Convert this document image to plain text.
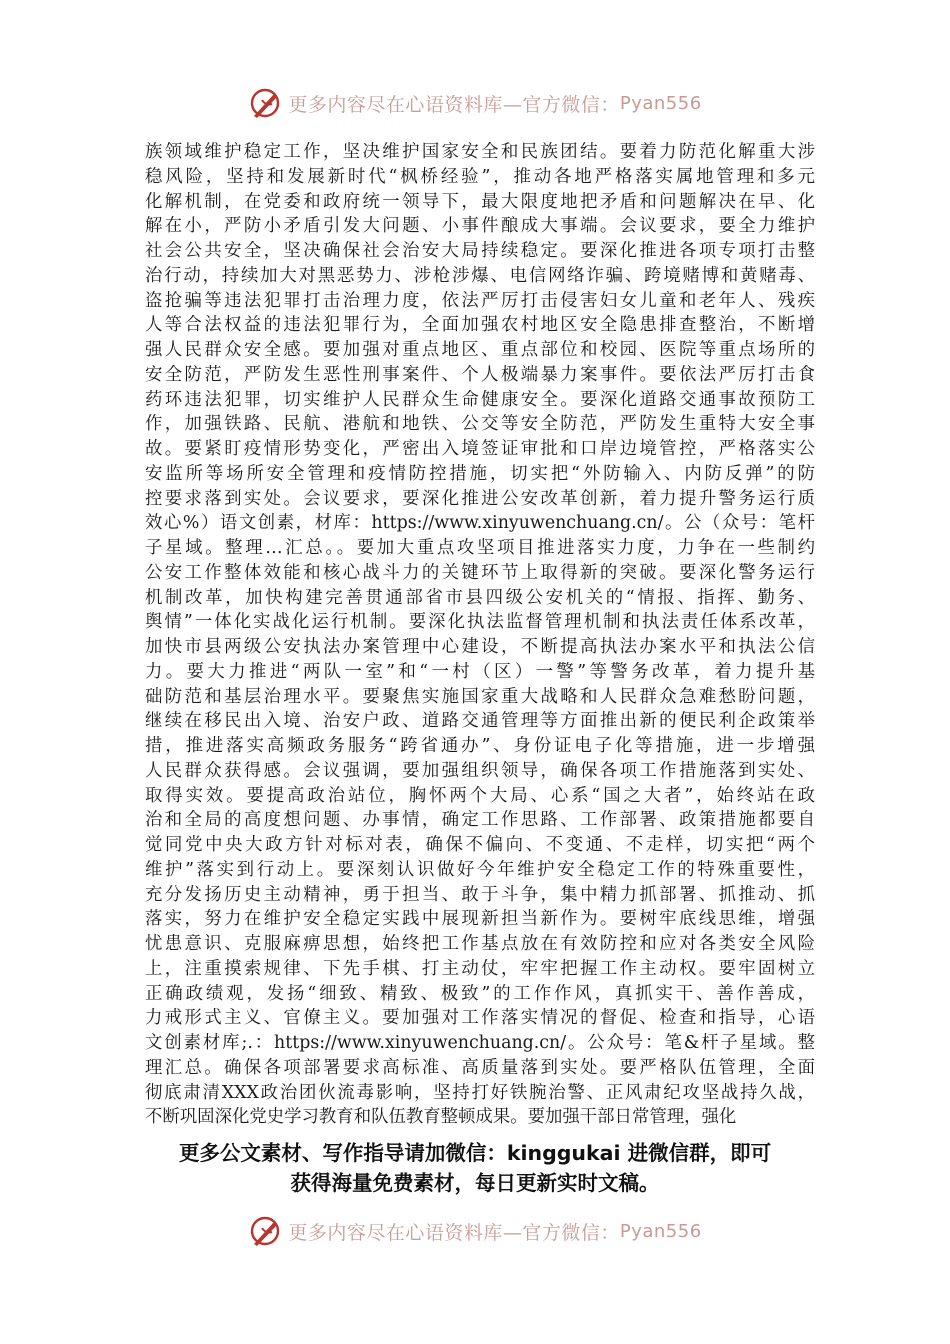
更多内容尽在心语资料库—官方微信： Pyan556
族领域维护稳定工作，坚决维护国家安全和民族团结。要着力防范化解重大涉
稳风险，坚持和发展新时代“枫桥经验”，推动各地严格落实属地管理和多元
化解机制，在党委和政府统一领导下，最大限度地把矛盾和问题解决在早、化
解在小，严防小矛盾引发大问题、小事件酿成大事端。会议要求，要全力维护
社会公共安全，坚决确保社会治安大局持续稳定。要深化推进各项专项打击整
治行动，持续加大对黑恶势力、涉枪涉爆、电信网络诈骗、跨境赌博和黄赌毒、
盗抢骗等违法犯罪打击治理力度，依法严厉打击侵害妇女儿童和老年人、残疾
人等合法权益的违法犯罪行为，全面加强农村地区安全隐患排查整治，不断增
强人民群众安全感。要加强对重点地区、重点部位和校园、医院等重点场所的
安全防范，严防发生恶性刑事案件、个人极端暴力案事件。要依法严厉打击食
药环违法犯罪，切实维护人民群众生命健康安全。要深化道路交通事故预防工
作，加强铁路、民航、港航和地铁、公交等安全防范，严防发生重特大安全事
故。要紧盯疫情形势变化，严密出入境签证审批和口岸边境管控，严格落实公
安监所等场所安全管理和疫情防控措施，切实把“外防输入、内防反弹”的防
控要求落到实处。会议要求，要深化推进公安改革创新，着力提升警务运行质
效心%）语文创素，材库：https://www.xinyuwenchuang.cn/。公（众号：笔杆
子星域。整理…汇总。。要加大重点攻坚项目推进落实力度，力争在一些制约
公安工作整体效能和核心战斗力的关键环节上取得新的突破。要深化警务运行
机制改革，加快构建完善贯通部省市县四级公安机关的“情报、指挥、勤务、
舆情”一体化实战化运行机制。要深化执法监督管理机制和执法责任体系改革，
加快市县两级公安执法办案管理中心建设，不断提高执法办案水平和执法公信
力。要大力推进“两队一室”和“一村（区）一警”等警务改革，着力提升基
础防范和基层治理水平。要聚焦实施国家重大战略和人民群众急难愁盼问题，
继续在移民出入境、治安户政、道路交通管理等方面推出新的便民利企政策举
措，推进落实高频政务服务“跨省通办”、身份证电子化等措施，进一步增强
人民群众获得感。会议强调，要加强组织领导，确保各项工作措施落到实处、
取得实效。要提高政治站位，胸怀两个大局、心系“国之大者”，始终站在政
治和全局的高度想问题、办事情，确定工作思路、工作部署、政策措施都要自
觉同党中央大政方针对标对表，确保不偏向、不变通、不走样，切实把“两个
维护”落实到行动上。要深刻认识做好今年维护安全稳定工作的特殊重要性，
充分发扬历史主动精神，勇于担当、敢于斗争，集中精力抓部署、抓推动、抓
落实，努力在维护安全稳定实践中展现新担当新作为。要树牢底线思维，增强
忧患意识、克服麻痹思想，始终把工作基点放在有效防控和应对各类安全风险
上，注重摸索规律、下先手棋、打主动仗，牢牢把握工作主动权。要牢固树立
正确政绩观，发扬“细致、精致、极致”的工作作风，真抓实干、善作善成，
力戒形式主义、官僚主义。要加强对工作落实情况的督促、检查和指导，心语
文创素材库;.：https://www.xinyuwenchuang.cn/。公众号：笔&杆子星域。整
理汇总。确保各项部署要求高标准、高质量落到实处。要严格队伍管理，全面
彻底肃清XXX政治团伙流毒影响，坚持打好铁腕治警、正风肃纪攻坚战持久战，
不断巩固深化党史学习教育和队伍教育整顿成果。要加强干部日常管理，强化
更多公文素材、写作指导请加微信：kinggukai 进微信群，即可
获得海量免费素材，每日更新实时文稿。
更多内容尽在心语资料库—官方微信： Pyan556
